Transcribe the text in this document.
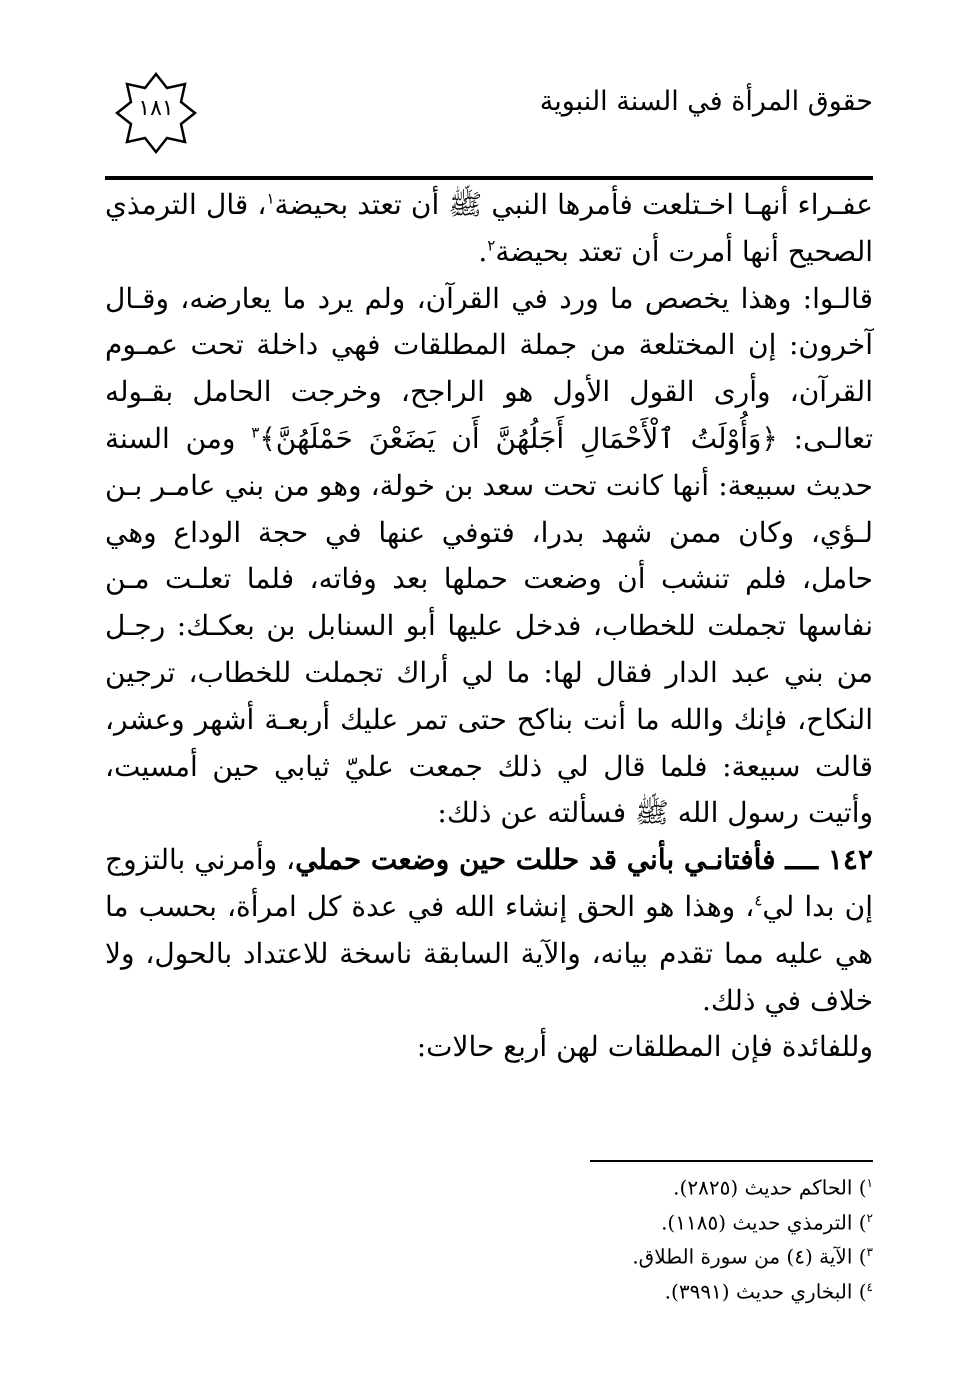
حقوق المرأة في السنة النبوية
١٨١

عفـراء أنهـا اخـتلعت فأمرها النبي ﷺ أن تعتد بحيضة$^١$، قال الترمذي الصحيح أنها أمرت أن تعتد بحيضة$^٢$.

قالـوا: وهذا يخصص ما ورد في القرآن، ولم يرد ما يعارضه، وقـال آخرون: إن المختلعة من جملة المطلقات فهي داخلة تحت عمـوم القرآن، وأرى القول الأول هو الراجح، وخرجت الحامل بقـوله تعالـى: ﴿وَأُوْلَتُ ٱلْأَحْمَالِ أَجَلُهُنَّ أَن يَضَعْنَ حَمْلَهُنَّ﴾$^٣$ ومن السنة حديث سبيعة: أنها كانت تحت سعد بن خولة، وهو من بني عامـر بـن لـؤي، وكان ممن شهد بدرا، فتوفي عنها في حجة الوداع وهي حامل، فلم تنشب أن وضعت حملها بعد وفاته، فلما تعلـت مـن نفاسها تجملت للخطاب، فدخل عليها أبو السنابل بن بعكـك: رجـل من بني عبد الدار فقال لها: ما لي أراك تجملت للخطاب، ترجين النكاح، فإنك والله ما أنت بناكح حتى تمر عليك أربعـة أشهر وعشر، قالت سبيعة: فلما قال لي ذلك جمعت عليّ ثيابي حين أمسيت، وأتيت رسول الله ﷺ فسألته عن ذلك:

١٤٢ ــــ فأفتانـي بأني قد حللت حين وضعت حملي، وأمرني بالتزوج إن بدا لي$^٤$، وهذا هو الحق إنشاء الله في عدة كل امرأة، بحسب ما هي عليه مما تقدم بيانه، والآية السابقة ناسخة للاعتداد بالحول، ولا خلاف في ذلك.

وللفائدة فإن المطلقات لهن أربع حالات:

$^١$) الحاكم حديث (٢٨٢٥).
$^٢$) الترمذي حديث (١١٨٥).
$^٣$) الآية (٤) من سورة الطلاق.
$^٤$) البخاري حديث (٣٩٩١).
